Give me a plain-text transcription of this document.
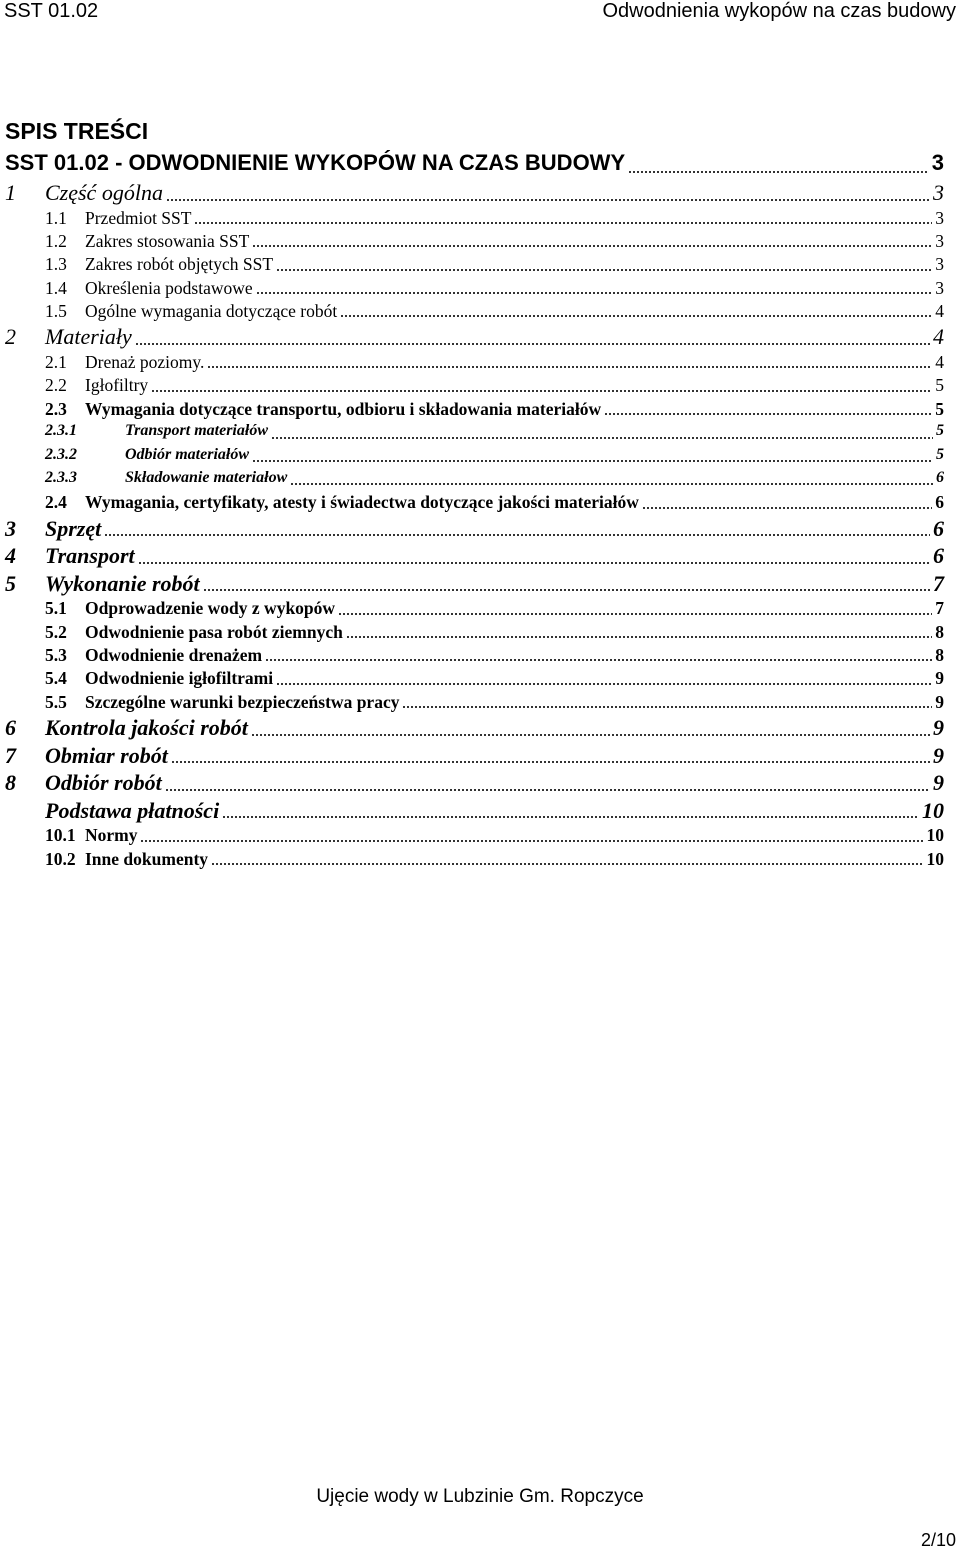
SST 01.02	Odwodnienia wykopów na czas budowy
SPIS TREŚCI
SST 01.02 - ODWODNIENIE WYKOPÓW NA CZAS BUDOWY	3
1	Część ogólna	3
1.1	Przedmiot SST	3
1.2	Zakres stosowania SST	3
1.3	Zakres robót objętych SST	3
1.4	Określenia podstawowe	3
1.5	Ogólne wymagania dotyczące robót	4
2	Materiały	4
2.1	Drenaż poziomy.	4
2.2	Igłofiltry	5
2.3	Wymagania dotyczące transportu, odbioru i składowania materiałów	5
2.3.1	Transport materiałów	5
2.3.2	Odbiór materiałów	5
2.3.3	Składowanie materiałow	6
2.4	Wymagania, certyfikaty, atesty i świadectwa dotyczące jakości materiałów	6
3	Sprzęt	6
4	Transport	6
5	Wykonanie robót	7
5.1	Odprowadzenie wody z wykopów	7
5.2	Odwodnienie pasa robót ziemnych	8
5.3	Odwodnienie drenażem	8
5.4	Odwodnienie igłofiltrami	9
5.5	Szczególne warunki bezpieczeństwa pracy	9
6	Kontrola jakości robót	9
7	Obmiar robót	9
8	Odbiór robót	9
Podstawa płatności	10
10.1 Normy	10
10.2 Inne dokumenty	10
Ujęcie wody w Lubzinie Gm. Ropczyce
2/10
